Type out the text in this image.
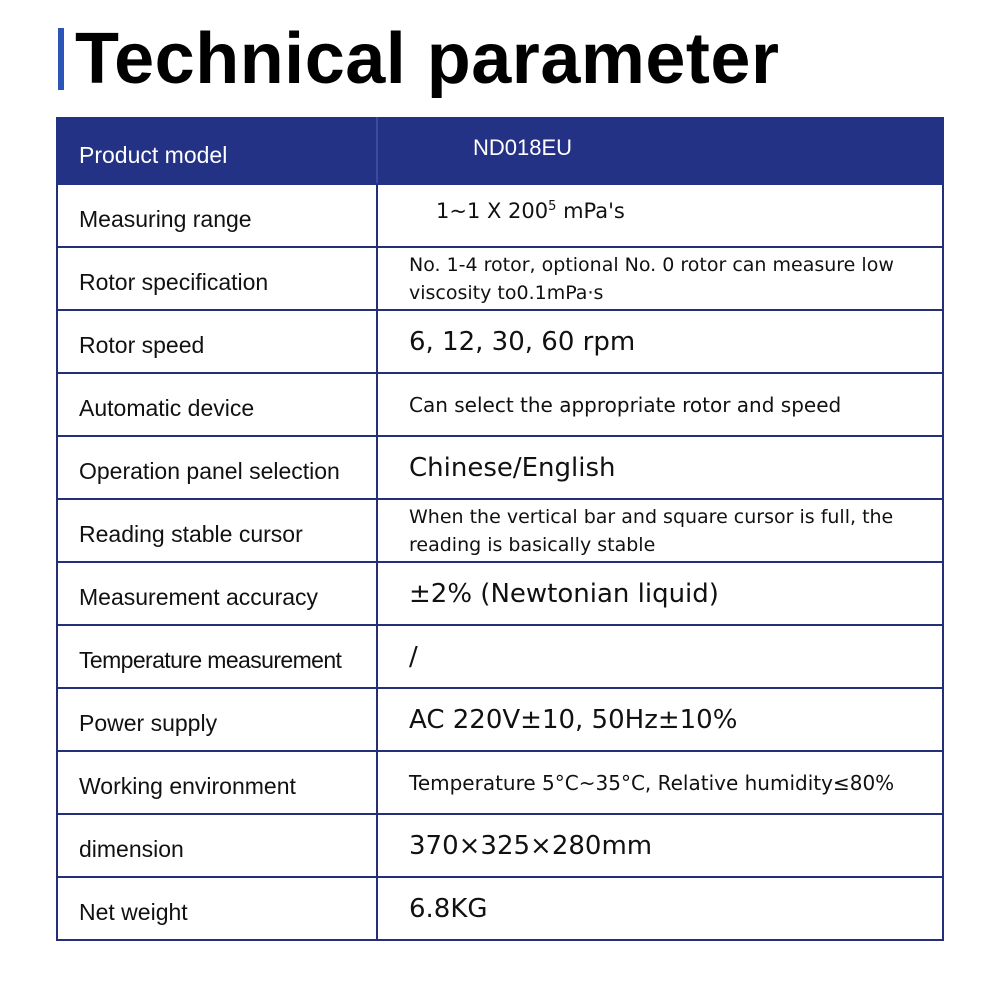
Technical parameter
Product model	ND018EU

Measuring range	1~1 X $200^5$ mPa's

Rotor specification	No. 1-4 rotor, optional No. 0 rotor can measure low viscosity to0.1mPa·s

Rotor speed	6, 12, 30, 60 rpm

Automatic device	Can select the appropriate rotor and speed

Operation panel selection	Chinese/English

Reading stable cursor	When the vertical bar and square cursor is full, the reading is basically stable

Measurement accuracy	±2% (Newtonian liquid)

Temperature measurement	/

Power supply	AC 220V±10, 50Hz±10%

Working environment	Temperature 5°C~35°C, Relative humidity≤80%

dimension	370×325×280mm

Net weight	6.8KG
